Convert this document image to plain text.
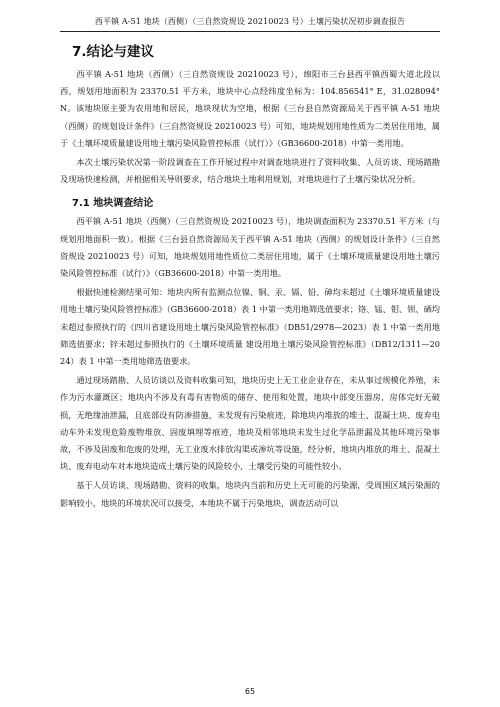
西平镇 A-51 地块（西侧）（三自然资规设 20210023 号）土壤污染状况初步调查报告
7.结论与建议

西平镇 A-51 地块（西侧）（三自然资规设 20210023 号），绵阳市三台县西平镇西蜀大道北段以西，规划用地面积为 23370.51 平方米，地块中心点经纬度坐标为：104.856541° E，31.028094° N。该地块原主要为农用地和居民，地块现状为空地，根据《三台县自然资源局关于西平镇 A-51 地块（西侧）的规划设计条件》（三自然资规设 20210023 号）可知，地块规划用地性质为二类居住用地，属于《土壤环境质量建设用地土壤污染风险管控标准（试行）》（GB36600-2018）中第一类用地。

本次土壤污染状况第一阶段调查在工作开展过程中对调查地块进行了资料收集、人员访谈、现场踏勘及现场快速检测，并根据相关导则要求，结合地块土地利用规划，对地块进行了土壤污染状况分析。

7.1 地块调查结论

西平镇 A-51 地块（西侧）（三自然资规设 20210023 号），地块调查面积为 23370.51 平方米（与规划用地面积一致）。根据《三台县自然资源局关于西平镇 A-51 地块（西侧）的规划设计条件》（三自然资规设 20210023 号）可知，地块规划用地性质位二类居住用地，属于《土壤环境质量建设用地土壤污染风险管控标准（试行）》（GB36600-2018）中第一类用地。

根据快速检测结果可知：地块内所有监测点位镍、铜、汞、镉、铅、砷均未超过《土壤环境质量建设用地土壤污染风险管控标准》（GB36600-2018）表 1 中第一类用地筛选值要求；铬、锰、钼、钡、硒均未超过参照执行的《四川省建设用地土壤污染风险管控标准》（DB51/2978—2023）表 1 中第一类用地筛选值要求；锌未超过参照执行的《土壤环境质量 建设用地土壤污染风险管控标准》（DB12/1311—2024）表 1 中第一类用地筛选值要求。

通过现场踏勘、人员访谈以及资料收集可知，地块历史上无工业企业存在，未从事过规模化养殖，未作为污水灌溉区；地块内不涉及有毒有害物质的储存、使用和处置，地块中部变压器房，房体完好无破损，无绝缘油泄漏，且底部设有防渗措施，未发现有污染痕迹，除地块内堆放的堆土、混凝土块、废弃电动车外未发现危险废物堆放、固废填埋等痕迹，地块及相邻地块未发生过化学品泄漏及其他环境污染事故，不涉及固废和危废的处理，无工业废水排放沟渠或渗坑等设施，经分析，地块内堆放的堆土、混凝土块、废弃电动车对本地块造成土壤污染的风险较小，土壤受污染的可能性较小。

基于人员访谈、现场踏勘、资料的收集，地块内当前和历史上无可能的污染源，受周围区域污染源的影响较小，地块的环境状况可以接受，本地块不属于污染地块，调查活动可以

65
